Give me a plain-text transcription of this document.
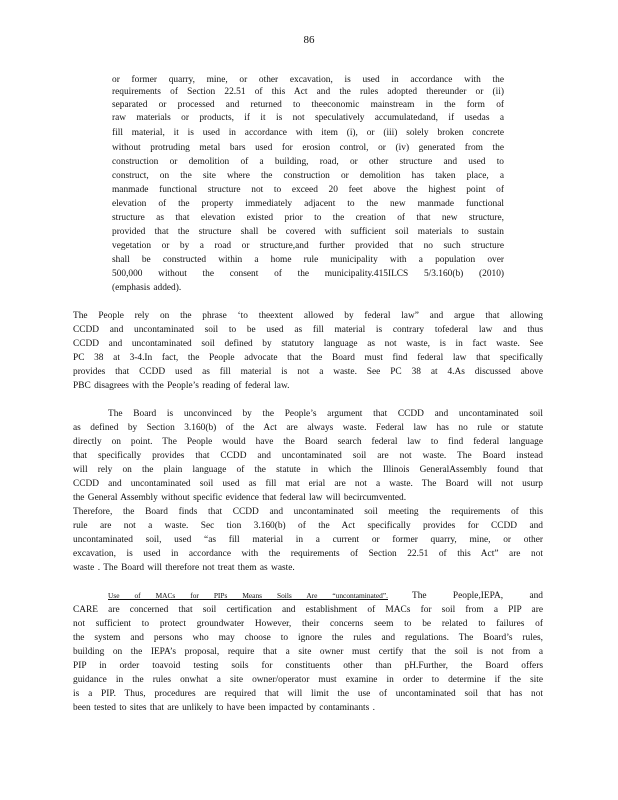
86
or former quarry, mine, or other excavation, is used in accordance with the
requirements of Section 22.51 of this Act and the rules adopted thereunder or (ii)
separated or processed and returned to theeconomic mainstream in the form of
raw materials or products, if it is not speculatively accumulatedand, if usedas a
fill material, it is used in accordance with item (i), or (iii) solely broken concrete
without protruding metal bars used for erosion control, or (iv) generated from the
construction or demolition of a building, road, or other structure and used to
construct, on the site where the construction or demolition has taken place, a
manmade functional structure not to exceed 20 feet above the highest point of
elevation of the property immediately adjacent to the new manmade functional
structure as that elevation existed prior to the creation of that new structure,
provided that the structure shall be covered with sufficient soil materials to sustain
vegetation or by a road or structure,and further provided that no such structure
shall be constructed within a home rule municipality with a population over
500,000 without the consent of the municipality.415ILCS 5/3.160(b) (2010)
(emphasis added).
The People rely on the phrase ‘to theextent allowed by federal law” and argue that allowing
CCDD and uncontaminated soil to be used as fill material is contrary tofederal law and thus
CCDD and uncontaminated soil defined by statutory language as not waste, is in fact waste. See
PC 38 at 3-4.In fact, the People advocate that the Board must find federal law that specifically
provides that CCDD used as fill material is not a waste. See PC 38 at 4.As discussed above
PBC disagrees with the People’s reading of federal law.
The Board is unconvinced by the People’s argument that CCDD and uncontaminated soil
as defined by Section 3.160(b) of the Act are always waste. Federal law has no rule or statute
directly on point. The People would have the Board search federal law to find federal language
that specifically provides that CCDD and uncontaminated soil are not waste. The Board instead
will rely on the plain language of the statute in which the Illinois GeneralAssembly found that
CCDD and uncontaminated soil used as fill mat erial are not a waste. The Board will not usurp
the General Assembly without specific evidence that federal law will becircumvented.
Therefore, the Board finds that CCDD and uncontaminated soil meeting the requirements of this
rule are not a waste. Sec tion 3.160(b) of the Act specifically provides for CCDD and
uncontaminated soil, used “as fill material in a current or former quarry, mine, or other
excavation, is used in accordance with the requirements of Section 22.51 of this Act” are not
waste . The Board will therefore not treat them as waste.
Use of MACs for PIPs Means Soils Are “uncontaminated”.	The People,IEPA, and
CARE are concerned that soil certification and establishment of MACs for soil from a PIP are
not sufficient to protect groundwater However, their concerns seem to be related to failures of
the system and persons who may choose to ignore the rules and regulations. The Board’s rules,
building on the IEPA’s proposal, require that a site owner must certify that the soil is not from a
PIP in order toavoid testing soils for constituents other than pH.Further, the Board offers
guidance in the rules onwhat a site owner/operator must examine in order to determine if the site
is a PIP. Thus, procedures are required that will limit the use of uncontaminated soil that has not
been tested to sites that are unlikely to have been impacted by contaminants .
